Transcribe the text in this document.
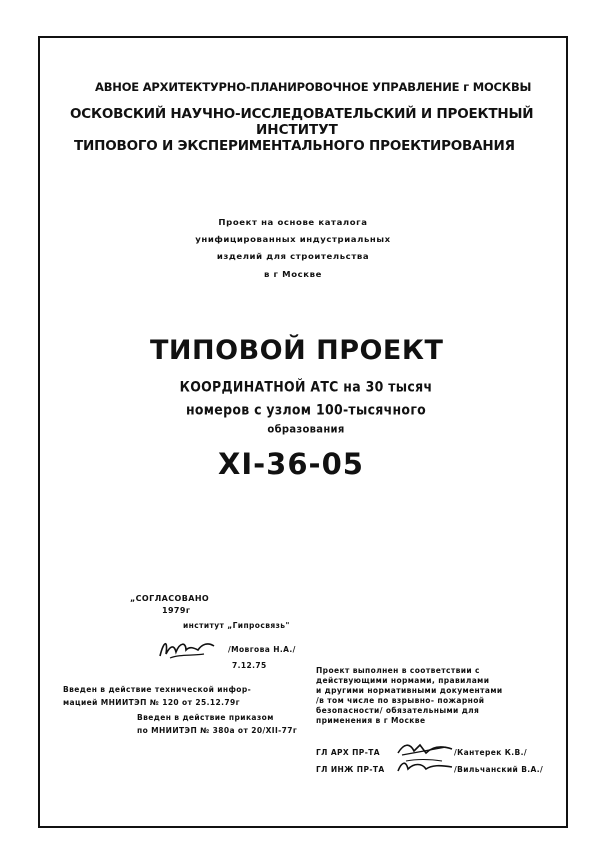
АВНОЕ АРХИТЕКТУРНО-ПЛАНИРОВОЧНОЕ УПРАВЛЕНИЕ г МОСКВЫ
ОСКОВСКИЙ НАУЧНО-ИССЛЕДОВАТЕЛЬСКИЙ И ПРОЕКТНЫЙ
ИНСТИТУТ
ТИПОВОГО И ЭКСПЕРИМЕНТАЛЬНОГО ПРОЕКТИРОВАНИЯ
Проект на основе каталога
унифицированных индустриальных
изделий для строительства
в г Москве
ТИПОВОЙ ПРОЕКТ
КООРДИНАТНОЙ АТС на 30 тысяч
номеров с узлом 100-тысячного
образования
XI-36-05
„СОГЛАСОВАНО
1979г
институт „Гипросвязь"
/Мовгова Н.А./
7.12.75
Введен в действие технической инфор-
мацией МНИИТЭП № 120 от 25.12.79г
Введен в действие приказом
по МНИИТЭП № 380а от 20/XII-77г
Проект выполнен в соответствии с
действующими нормами, правилами
и другими нормативными документами
/в том числе по взрывно- пожарной
безопасности/ обязательными для
применения в г Москве
ГЛ АРХ ПР-ТА	/Кантерек К.В./
ГЛ ИНЖ ПР-ТА	/Вильчанский В.А./
